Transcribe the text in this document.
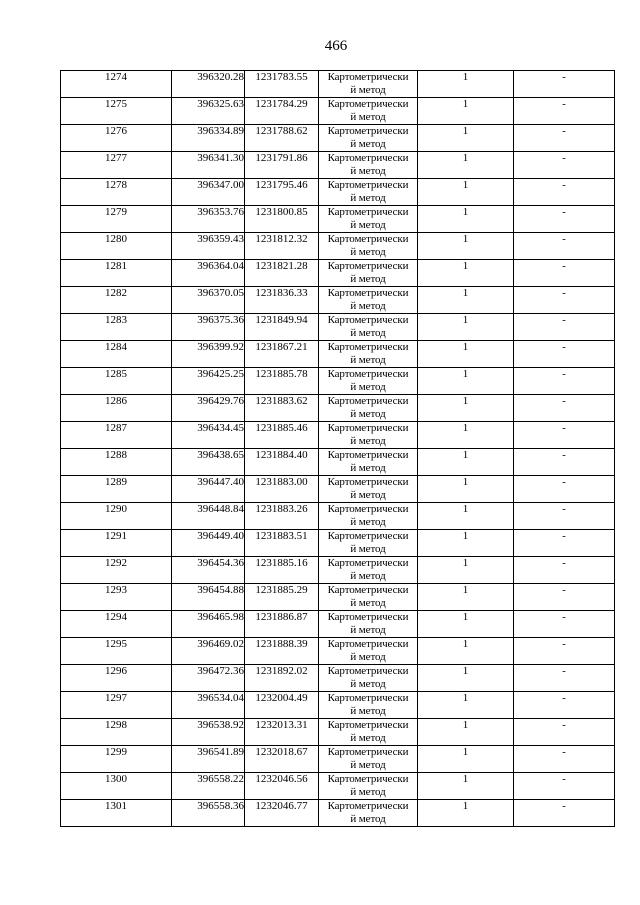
466
1274	396320.28	1231783.55	Картометрически
й метод	1	-
1275	396325.63	1231784.29	Картометрически
й метод	1	-
1276	396334.89	1231788.62	Картометрически
й метод	1	-
1277	396341.30	1231791.86	Картометрически
й метод	1	-
1278	396347.00	1231795.46	Картометрически
й метод	1	-
1279	396353.76	1231800.85	Картометрически
й метод	1	-
1280	396359.43	1231812.32	Картометрически
й метод	1	-
1281	396364.04	1231821.28	Картометрически
й метод	1	-
1282	396370.05	1231836.33	Картометрически
й метод	1	-
1283	396375.36	1231849.94	Картометрически
й метод	1	-
1284	396399.92	1231867.21	Картометрически
й метод	1	-
1285	396425.25	1231885.78	Картометрически
й метод	1	-
1286	396429.76	1231883.62	Картометрически
й метод	1	-
1287	396434.45	1231885.46	Картометрически
й метод	1	-
1288	396438.65	1231884.40	Картометрически
й метод	1	-
1289	396447.40	1231883.00	Картометрически
й метод	1	-
1290	396448.84	1231883.26	Картометрически
й метод	1	-
1291	396449.40	1231883.51	Картометрически
й метод	1	-
1292	396454.36	1231885.16	Картометрически
й метод	1	-
1293	396454.88	1231885.29	Картометрически
й метод	1	-
1294	396465.98	1231886.87	Картометрически
й метод	1	-
1295	396469.02	1231888.39	Картометрически
й метод	1	-
1296	396472.36	1231892.02	Картометрически
й метод	1	-
1297	396534.04	1232004.49	Картометрически
й метод	1	-
1298	396538.92	1232013.31	Картометрически
й метод	1	-
1299	396541.89	1232018.67	Картометрически
й метод	1	-
1300	396558.22	1232046.56	Картометрически
й метод	1	-
1301	396558.36	1232046.77	Картометрически
й метод	1	-
